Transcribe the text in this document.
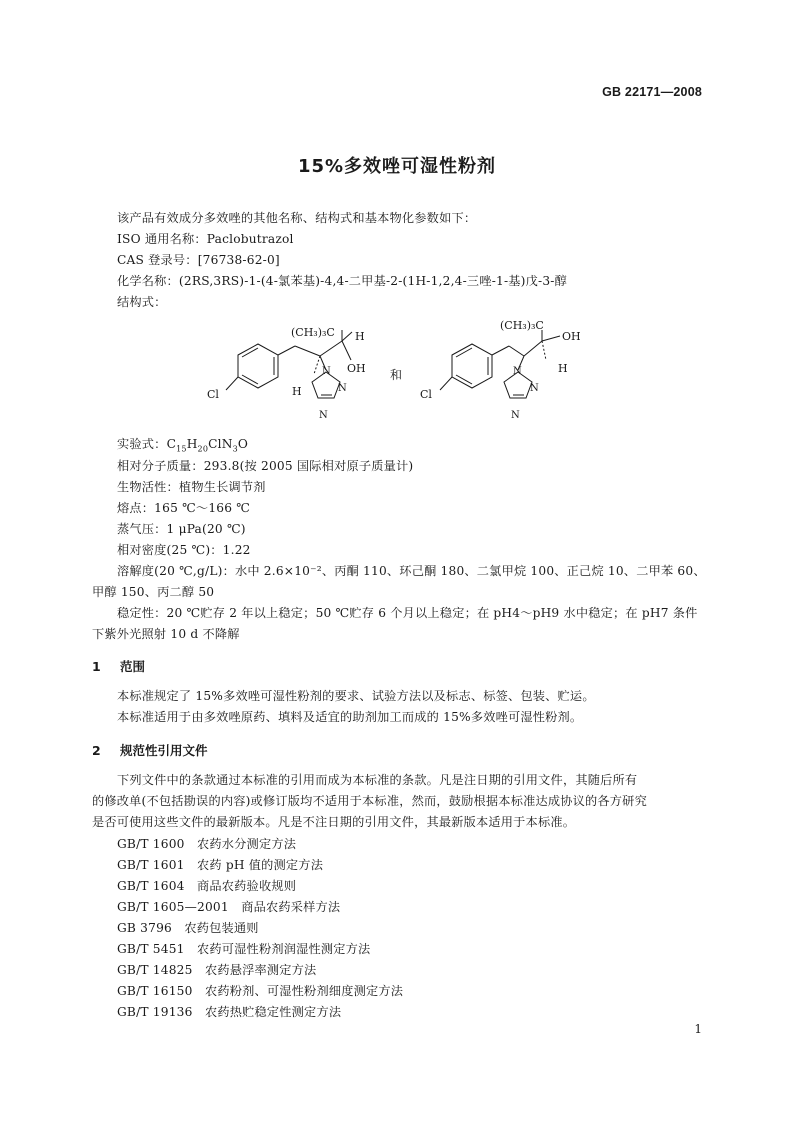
GB 22171—2008
15%多效唑可湿性粉剂
该产品有效成分多效唑的其他名称、结构式和基本物化参数如下：
ISO 通用名称：Paclobutrazol
CAS 登录号：[76738-62-0]
化学名称：(2RS,3RS)-1-(4-氯苯基)-4,4-二甲基-2-(1H-1,2,4-三唑-1-基)戊-3-醇
结构式：
(CH₃)₃C H
OH
H
Cl
N
N
N
和
(CH₃)₃C
OH
H
Cl
N
N
N
实验式：$C_{15}H_{20}ClN_3O$
相对分子质量：293.8(按 2005 国际相对原子质量计)
生物活性：植物生长调节剂
熔点：165 ℃～166 ℃
蒸气压：1 μPa(20 ℃)
相对密度(25 ℃)：1.22
溶解度(20 ℃,g/L)：水中 2.6×10⁻²、丙酮 110、环己酮 180、二氯甲烷 100、正己烷 10、二甲苯 60、
甲醇 150、丙二醇 50
稳定性：20 ℃贮存 2 年以上稳定；50 ℃贮存 6 个月以上稳定；在 pH4～pH9 水中稳定；在 pH7 条件
下紫外光照射 10 d 不降解
1 范围
本标准规定了 15%多效唑可湿性粉剂的要求、试验方法以及标志、标签、包装、贮运。
本标准适用于由多效唑原药、填料及适宜的助剂加工而成的 15%多效唑可湿性粉剂。
2 规范性引用文件
下列文件中的条款通过本标准的引用而成为本标准的条款。凡是注日期的引用文件，其随后所有
的修改单(不包括勘误的内容)或修订版均不适用于本标准，然而，鼓励根据本标准达成协议的各方研究
是否可使用这些文件的最新版本。凡是不注日期的引用文件，其最新版本适用于本标准。
GB/T 1600　农药水分测定方法
GB/T 1601　农药 pH 值的测定方法
GB/T 1604　商品农药验收规则
GB/T 1605—2001　商品农药采样方法
GB 3796　农药包装通则
GB/T 5451　农药可湿性粉剂润湿性测定方法
GB/T 14825　农药悬浮率测定方法
GB/T 16150　农药粉剂、可湿性粉剂细度测定方法
GB/T 19136　农药热贮稳定性测定方法
1
